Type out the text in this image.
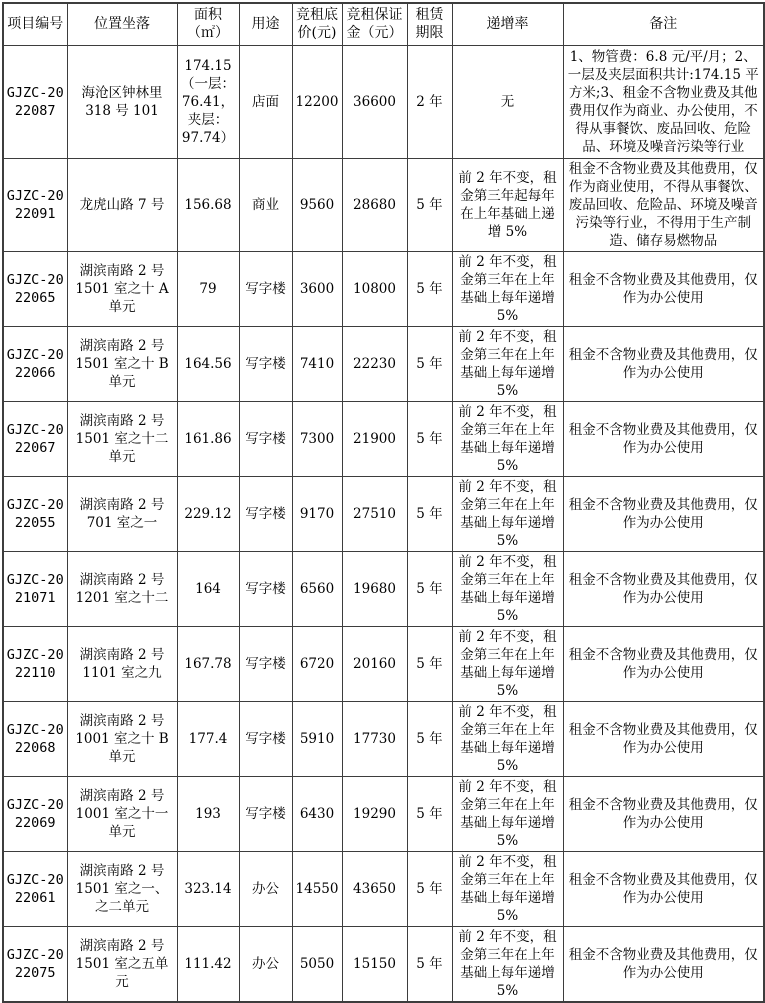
项目编号	位置坐落	面积（㎡）	用途	竞租底价(元)	竞租保证金（元）	租赁期限	递增率	备注
GJZC-2022087	海沧区钟林里 318 号 101	174.15 （一层：76.41，夹层：97.74）	店面	12200	36600	2 年	无	1、物管费：6.8 元/平/月；2、一层及夹层面积共计:174.15 平方米;3、租金不含物业费及其他费用仅作为商业、办公使用，不得从事餐饮、废品回收、危险品、环境及噪音污染等行业
GJZC-2022091	龙虎山路 7 号	156.68	商业	9560	28680	5 年	前 2 年不变，租金第三年起每年在上年基础上递增 5%	租金不含物业费及其他费用，仅作为商业使用，不得从事餐饮、废品回收、危险品、环境及噪音污染等行业，不得用于生产制造、储存易燃物品
GJZC-2022065	湖滨南路 2 号 1501 室之十 A 单元	79	写字楼	3600	10800	5 年	前 2 年不变，租金第三年在上年基础上每年递增 5%	租金不含物业费及其他费用，仅作为办公使用
GJZC-2022066	湖滨南路 2 号 1501 室之十 B 单元	164.56	写字楼	7410	22230	5 年	前 2 年不变，租金第三年在上年基础上每年递增 5%	租金不含物业费及其他费用，仅作为办公使用
GJZC-2022067	湖滨南路 2 号 1501 室之十二单元	161.86	写字楼	7300	21900	5 年	前 2 年不变，租金第三年在上年基础上每年递增 5%	租金不含物业费及其他费用，仅作为办公使用
GJZC-2022055	湖滨南路 2 号 701 室之一	229.12	写字楼	9170	27510	5 年	前 2 年不变，租金第三年在上年基础上每年递增 5%	租金不含物业费及其他费用，仅作为办公使用
GJZC-2021071	湖滨南路 2 号 1201 室之十二	164	写字楼	6560	19680	5 年	前 2 年不变，租金第三年在上年基础上每年递增 5%	租金不含物业费及其他费用，仅作为办公使用
GJZC-2022110	湖滨南路 2 号 1101 室之九	167.78	写字楼	6720	20160	5 年	前 2 年不变，租金第三年在上年基础上每年递增 5%	租金不含物业费及其他费用，仅作为办公使用
GJZC-2022068	湖滨南路 2 号 1001 室之十 B 单元	177.4	写字楼	5910	17730	5 年	前 2 年不变，租金第三年在上年基础上每年递增 5%	租金不含物业费及其他费用，仅作为办公使用
GJZC-2022069	湖滨南路 2 号 1001 室之十一单元	193	写字楼	6430	19290	5 年	前 2 年不变，租金第三年在上年基础上每年递增 5%	租金不含物业费及其他费用，仅作为办公使用
GJZC-2022061	湖滨南路 2 号 1501 室之一、之二单元	323.14	办公	14550	43650	5 年	前 2 年不变，租金第三年在上年基础上每年递增 5%	租金不含物业费及其他费用，仅作为办公使用
GJZC-2022075	湖滨南路 2 号 1501 室之五单元	111.42	办公	5050	15150	5 年	前 2 年不变，租金第三年在上年基础上每年递增 5%	租金不含物业费及其他费用，仅作为办公使用
